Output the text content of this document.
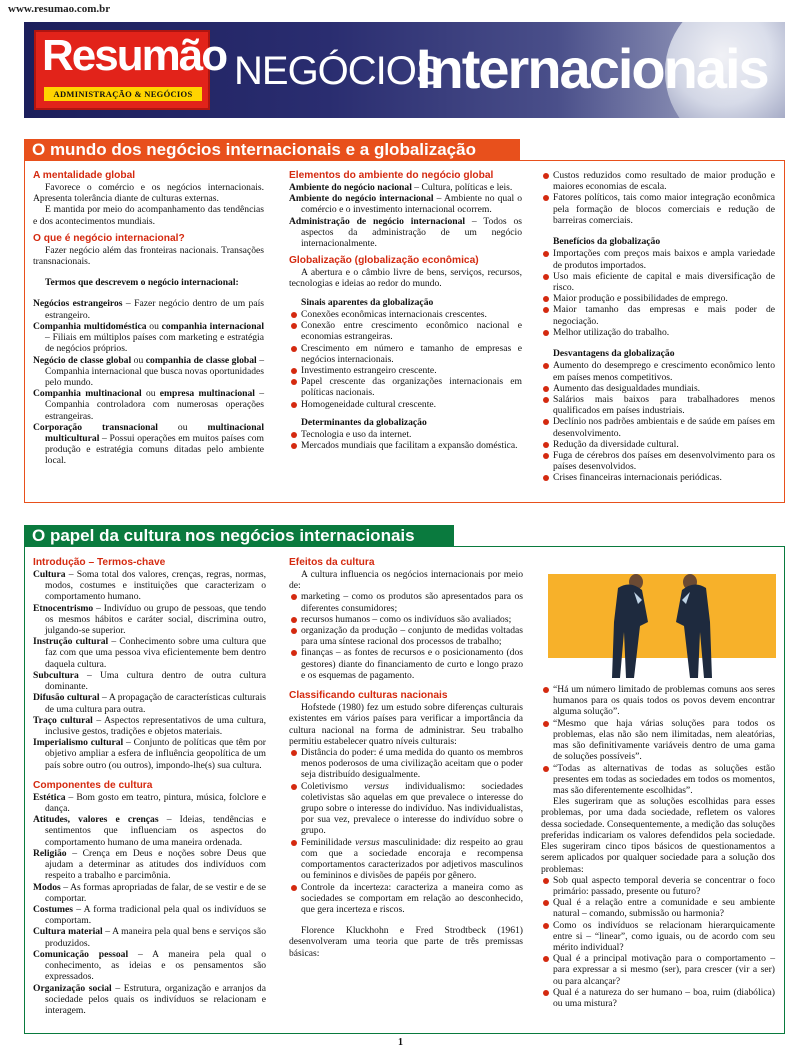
www.resumao.com.br
Resumão
ADMINISTRAÇÃO & NEGÓCIOS
NEGÓCIOS
Internacionais
O mundo dos negócios internacionais e a globalização
A mentalidade global
Favorece o comércio e os negócios internacionais. Apresenta tolerância diante de culturas externas.
E mantida por meio do acompanhamento das tendências e dos acontecimentos mundiais.
O que é negócio internacional?
Fazer negócio além das fronteiras nacionais. Transações transnacionais.
Termos que descrevem o negócio internacional:
Negócios estrangeiros – Fazer negócio dentro de um país estrangeiro.
Companhia multidoméstica ou companhia internacional – Filiais em múltiplos países com marketing e estratégia de negócios próprios.
Negócio de classe global ou companhia de classe global – Companhia internacional que busca novas oportunidades pelo mundo.
Companhia multinacional ou empresa multinacional – Companhia controladora com numerosas operações estrangeiras.
Corporação transnacional ou multinacional multicultural – Possui operações em muitos países com produção e estratégia comuns ditadas pelo ambiente local.
Elementos do ambiente do negócio global
Ambiente do negócio nacional – Cultura, políticas e leis.
Ambiente do negócio internacional – Ambiente no qual o comércio e o investimento internacional ocorrem.
Administração de negócio internacional – Todos os aspectos da administração de um negócio internacionalmente.
Globalização (globalização econômica)
A abertura e o câmbio livre de bens, serviços, recursos, tecnologias e ideias ao redor do mundo.
Sinais aparentes da globalização
Conexões econômicas internacionais crescentes.
Conexão entre crescimento econômico nacional e economias estrangeiras.
Crescimento em número e tamanho de empresas e negócios internacionais.
Investimento estrangeiro crescente.
Papel crescente das organizações internacionais em políticas nacionais.
Homogeneidade cultural crescente.
Determinantes da globalização
Tecnologia e uso da internet.
Mercados mundiais que facilitam a expansão doméstica.
Custos reduzidos como resultado de maior produção e maiores economias de escala.
Fatores políticos, tais como maior integração econômica pela formação de blocos comerciais e redução de barreiras comerciais.
Benefícios da globalização
Importações com preços mais baixos e ampla variedade de produtos importados.
Uso mais eficiente de capital e mais diversificação de risco.
Maior produção e possibilidades de emprego.
Maior tamanho das empresas e mais poder de negociação.
Melhor utilização do trabalho.
Desvantagens da globalização
Aumento do desemprego e crescimento econômico lento em países menos competitivos.
Aumento das desigualdades mundiais.
Salários mais baixos para trabalhadores menos qualificados em países industriais.
Declínio nos padrões ambientais e de saúde em países em desenvolvimento.
Redução da diversidade cultural.
Fuga de cérebros dos países em desenvolvimento para os países desenvolvidos.
Crises financeiras internacionais periódicas.
O papel da cultura nos negócios internacionais
Introdução – Termos-chave
Cultura – Soma total dos valores, crenças, regras, normas, modos, costumes e instituições que caracterizam o comportamento humano.
Etnocentrismo – Indivíduo ou grupo de pessoas, que tendo os mesmos hábitos e caráter social, discrimina outro, julgando-se superior.
Instrução cultural – Conhecimento sobre uma cultura que faz com que uma pessoa viva eficientemente bem dentro daquela cultura.
Subcultura – Uma cultura dentro de outra cultura dominante.
Difusão cultural – A propagação de características culturais de uma cultura para outra.
Traço cultural – Aspectos representativos de uma cultura, inclusive gestos, tradições e objetos materiais.
Imperialismo cultural – Conjunto de políticas que têm por objetivo ampliar a esfera de influência geopolítica de um país sobre outro (ou outros), impondo-lhe(s) sua cultura.
Componentes de cultura
Estética – Bom gosto em teatro, pintura, música, folclore e dança.
Atitudes, valores e crenças – Ideias, tendências e sentimentos que influenciam os aspectos do comportamento humano de uma maneira ordenada.
Religião – Crença em Deus e noções sobre Deus que ajudam a determinar as atitudes dos indivíduos com respeito a trabalho e parcimônia.
Modos – As formas apropriadas de falar, de se vestir e de se comportar.
Costumes – A forma tradicional pela qual os indivíduos se comportam.
Cultura material – A maneira pela qual bens e serviços são produzidos.
Comunicação pessoal – A maneira pela qual o conhecimento, as ideias e os pensamentos são expressados.
Organização social – Estrutura, organização e arranjos da sociedade pelos quais os indivíduos se relacionam e interagem.
Efeitos da cultura
A cultura influencia os negócios internacionais por meio de:
marketing – como os produtos são apresentados para os diferentes consumidores;
recursos humanos – como os indivíduos são avaliados;
organização da produção – conjunto de medidas voltadas para uma síntese racional dos processos de trabalho;
finanças – as fontes de recursos e o posicionamento (dos gestores) diante do financiamento de curto e longo prazo e os esquemas de pagamento.
Classificando culturas nacionais
Hofstede (1980) fez um estudo sobre diferenças culturais existentes em vários países para verificar a importância da cultura nacional na forma de administrar. Seu trabalho permitiu estabelecer quatro níveis culturais:
Distância do poder: é uma medida do quanto os membros menos poderosos de uma civilização aceitam que o poder seja distribuído desigualmente.
Coletivismo versus individualismo: sociedades coletivistas são aquelas em que prevalece o interesse do grupo sobre o interesse do indivíduo. Nas individualistas, por sua vez, prevalece o interesse do indivíduo sobre o grupo.
Feminilidade versus masculinidade: diz respeito ao grau com que a sociedade encoraja e recompensa comportamentos caracterizados por adjetivos masculinos ou femininos e divisões de papéis por gênero.
Controle da incerteza: caracteriza a maneira como as sociedades se comportam em relação ao desconhecido, que gera incerteza e riscos.
Florence Kluckhohn e Fred Strodtbeck (1961) desenvolveram uma teoria que parte de três premissas básicas:
“Há um número limitado de problemas comuns aos seres humanos para os quais todos os povos devem encontrar alguma solução”.
“Mesmo que haja várias soluções para todos os problemas, elas não são nem ilimitadas, nem aleatórias, mas são definitivamente variáveis dentro de uma gama de soluções possíveis”.
“Todas as alternativas de todas as soluções estão presentes em todas as sociedades em todos os momentos, mas são diferentemente escolhidas”.
Eles sugeriram que as soluções escolhidas para esses problemas, por uma dada sociedade, refletem os valores dessa sociedade. Consequentemente, a medição das soluções preferidas indicariam os valores defendidos pela sociedade. Eles sugeriram cinco tipos básicos de questionamentos a serem aplicados por qualquer sociedade para a solução dos problemas:
Sob qual aspecto temporal deveria se concentrar o foco primário: passado, presente ou futuro?
Qual é a relação entre a comunidade e seu ambiente natural – comando, submissão ou harmonia?
Como os indivíduos se relacionam hierarquicamente entre si – “linear”, como iguais, ou de acordo com seu mérito individual?
Qual é a principal motivação para o comportamento – para expressar a si mesmo (ser), para crescer (vir a ser) ou para alcançar?
Qual é a natureza do ser humano – boa, ruim (diabólica) ou uma mistura?
1
